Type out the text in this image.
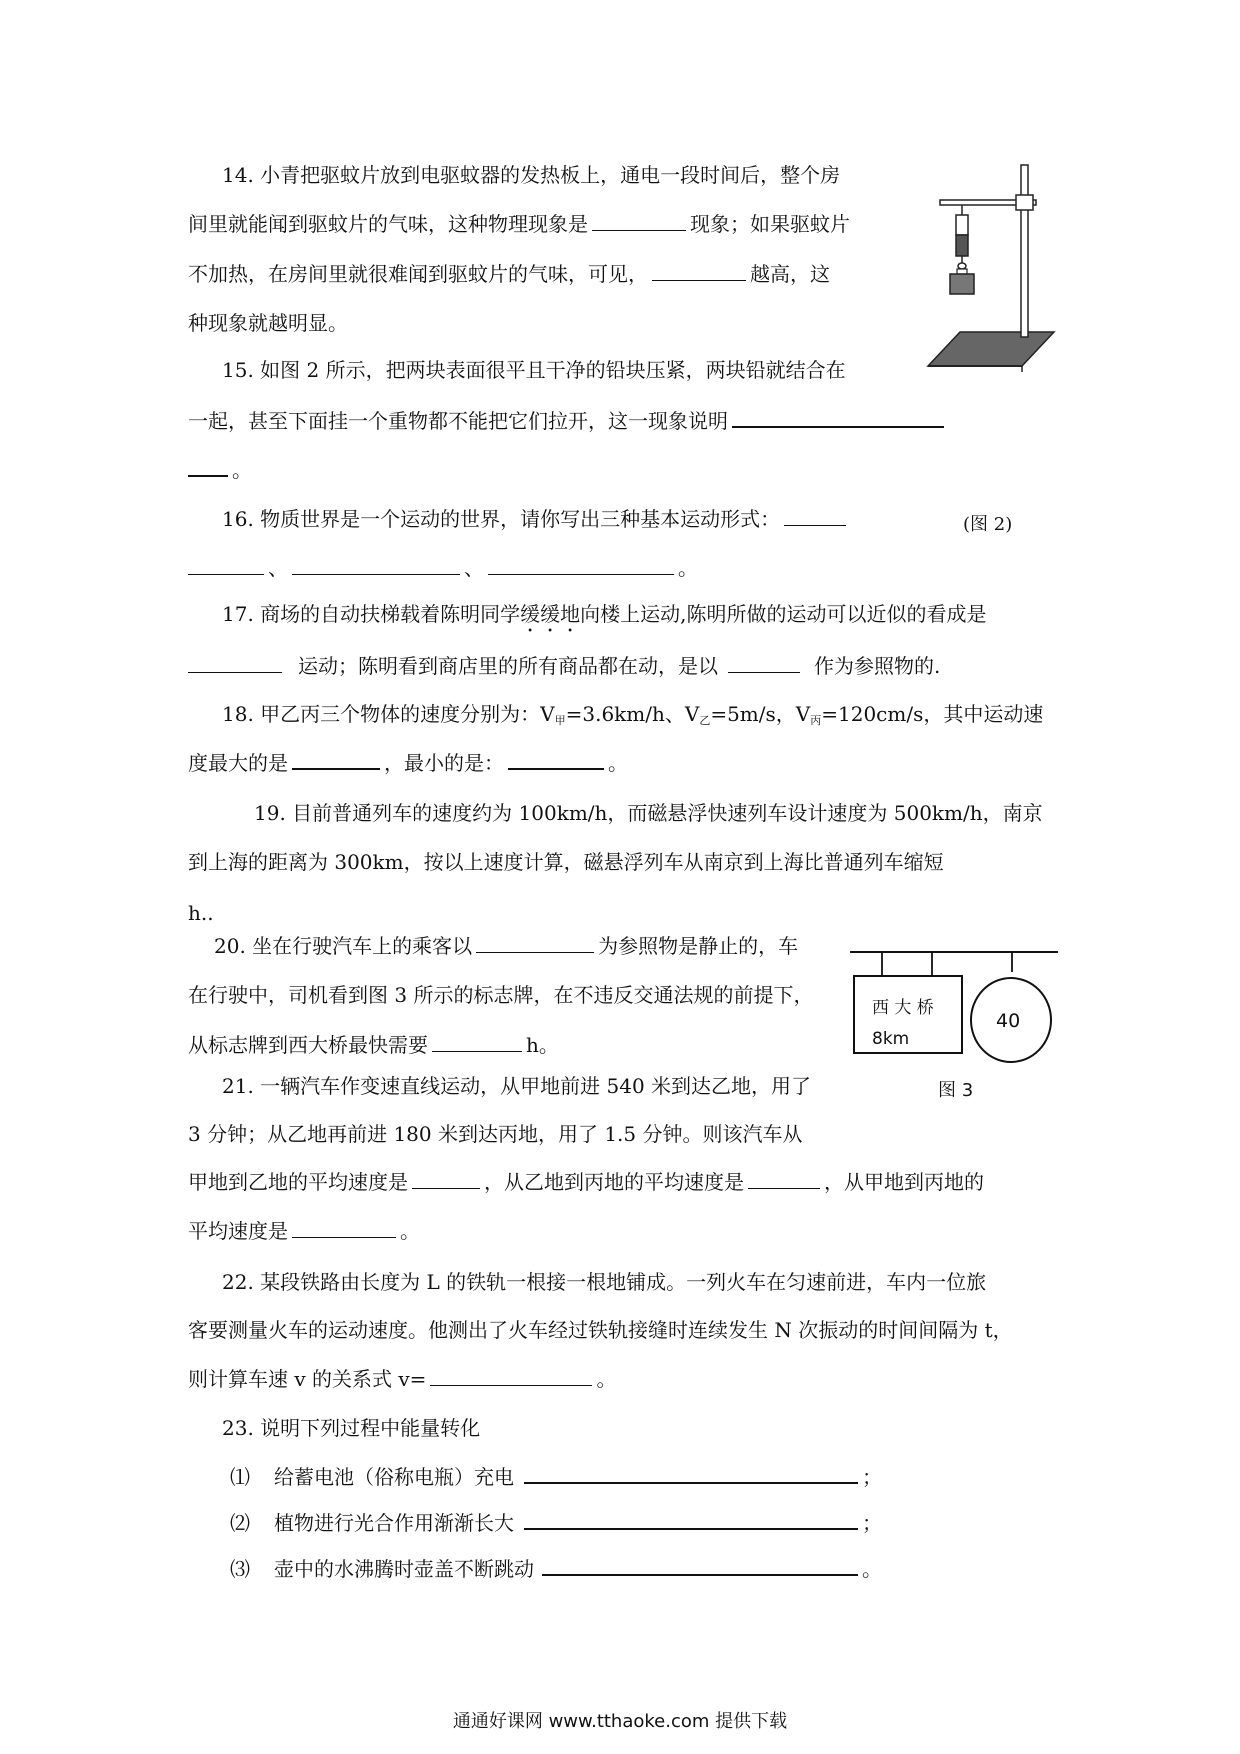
14. 小青把驱蚊片放到电驱蚊器的发热板上，通电一段时间后，整个房
间里就能闻到驱蚊片的气味，这种物理现象是	现象；如果驱蚊片
不加热，在房间里就很难闻到驱蚊片的气味，可见，	越高，这
种现象就越明显。
15. 如图 2 所示，把两块表面很平且干净的铅块压紧，两块铅就结合在
一起，甚至下面挂一个重物都不能把它们拉开，这一现象说明
。
16. 物质世界是一个运动的世界，请你写出三种基本运动形式：	(图 2)
、	、	。
17. 商场的自动扶梯载着陈明同学缓缓地向楼上运动,陈明所做的运动可以近似的看成是
运动；陈明看到商店里的所有商品都在动，是以	作为参照物的.
18. 甲乙丙三个物体的速度分别为：$V_甲=3.6km/h$、$V_乙=5m/s$，$V_丙=120cm/s$，其中运动速
度最大的是	，最小的是：	。
19. 目前普通列车的速度约为 100km/h，而磁悬浮快速列车设计速度为 500km/h，南京
到上海的距离为 300km，按以上速度计算，磁悬浮列车从南京到上海比普通列车缩短
h..
20. 坐在行驶汽车上的乘客以	为参照物是静止的，车
在行驶中，司机看到图 3 所示的标志牌，在不违反交通法规的前提下，
从标志牌到西大桥最快需要	h。
西 大 桥
8km
40
图 3
21. 一辆汽车作变速直线运动，从甲地前进 540 米到达乙地，用了
3 分钟；从乙地再前进 180 米到达丙地，用了 1.5 分钟。则该汽车从
甲地到乙地的平均速度是	，从乙地到丙地的平均速度是	，从甲地到丙地的
平均速度是	。
22. 某段铁路由长度为 L 的铁轨一根接一根地铺成。一列火车在匀速前进，车内一位旅
客要测量火车的运动速度。他测出了火车经过铁轨接缝时连续发生 N 次振动的时间间隔为 t，
则计算车速 v 的关系式 v=	。
23. 说明下列过程中能量转化
⑴ 给蓄电池（俗称电瓶）充电	；
⑵ 植物进行光合作用渐渐长大	；
⑶ 壶中的水沸腾时壶盖不断跳动	。
通通好课网 www.tthaoke.com 提供下载
